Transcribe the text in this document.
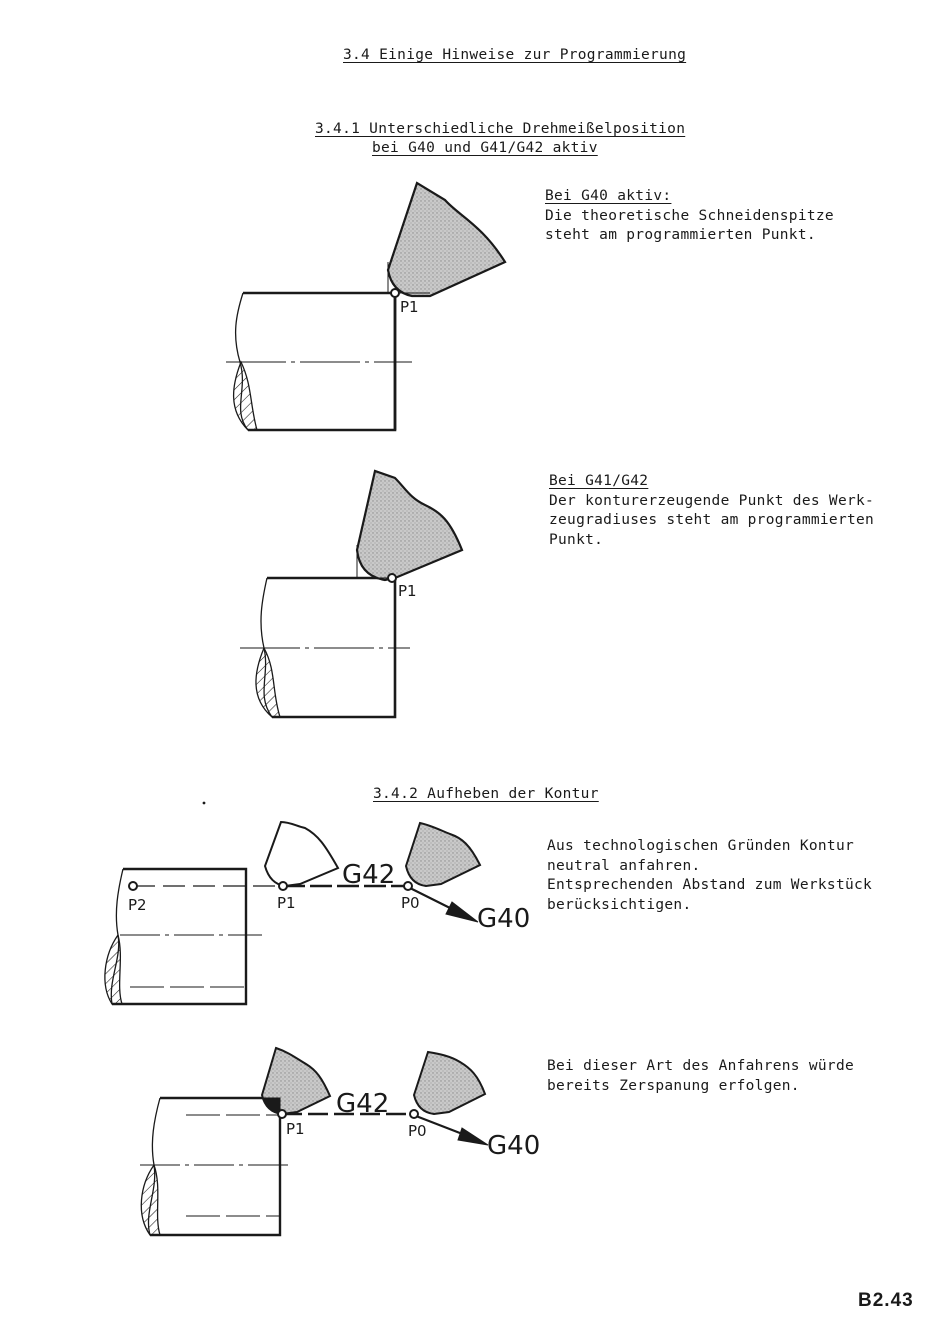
3.4 Einige Hinweise zur Programmierung
3.4.1 Unterschiedliche Drehmeißelposition
bei G40 und G41/G42 aktiv
Bei G40 aktiv:
Die theoretische Schneidenspitze
steht am programmierten Punkt.
Bei G41/G42
Der konturerzeugende Punkt des Werk-
zeugradiuses steht am programmierten
Punkt.
3.4.2 Aufheben der Kontur
Aus technologischen Gründen Kontur
neutral anfahren.
Entsprechenden Abstand zum Werkstück
berücksichtigen.
Bei dieser Art des Anfahrens würde
bereits Zerspanung erfolgen.
B2.43
P1
P1
P2	P1	P0
G42
G40
P1	P0
G42
G40
